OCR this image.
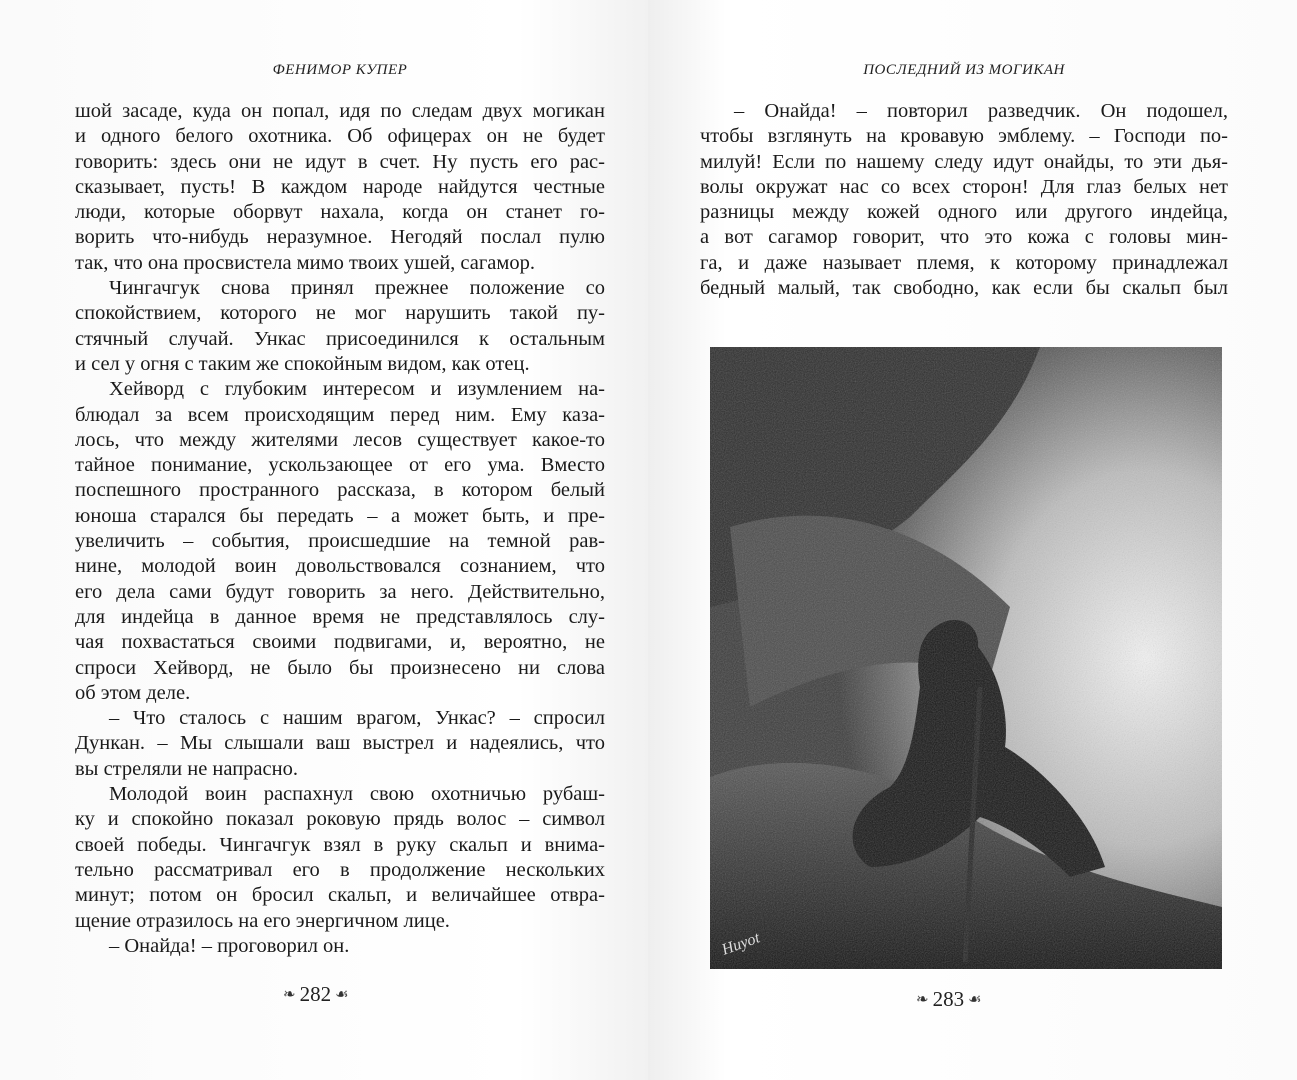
ФЕНИМОР КУПЕР
шой засаде, куда он попал, идя по следам двух могикан
и одного белого охотника. Об офицерах он не будет
говорить: здесь они не идут в счет. Ну пусть его рас-
сказывает, пусть! В каждом народе найдутся честные
люди, которые оборвут нахала, когда он станет го-
ворить что-нибудь неразумное. Негодяй послал пулю
так, что она просвистела мимо твоих ушей, сагамор.
Чингачгук снова принял прежнее положение со
спокойствием, которого не мог нарушить такой пу-
стячный случай. Ункас присоединился к остальным
и сел у огня с таким же спокойным видом, как отец.
Хейворд с глубоким интересом и изумлением на-
блюдал за всем происходящим перед ним. Ему каза-
лось, что между жителями лесов существует какое-то
тайное понимание, ускользающее от его ума. Вместо
поспешного пространного рассказа, в котором белый
юноша старался бы передать – а может быть, и пре-
увеличить – события, происшедшие на темной рав-
нине, молодой воин довольствовался сознанием, что
его дела сами будут говорить за него. Действительно,
для индейца в данное время не представлялось слу-
чая похвастаться своими подвигами, и, вероятно, не
спроси Хейворд, не было бы произнесено ни слова
об этом деле.
– Что сталось с нашим врагом, Ункас? – спросил
Дункан. – Мы слышали ваш выстрел и надеялись, что
вы стреляли не напрасно.
Молодой воин распахнул свою охотничью рубаш-
ку и спокойно показал роковую прядь волос – символ
своей победы. Чингачгук взял в руку скальп и внима-
тельно рассматривал его в продолжение нескольких
минут; потом он бросил скальп, и величайшее отвра-
щение отразилось на его энергичном лице.
– Онайда! – проговорил он.
❧ 282 ☙
ПОСЛЕДНИЙ ИЗ МОГИКАН
– Онайда! – повторил разведчик. Он подошел,
чтобы взглянуть на кровавую эмблему. – Господи по-
милуй! Если по нашему следу идут онайды, то эти дья-
волы окружат нас со всех сторон! Для глаз белых нет
разницы между кожей одного или другого индейца,
а вот сагамор говорит, что это кожа с головы мин-
га, и даже называет племя, к которому принадлежал
бедный малый, так свободно, как если бы скальп был
Huyot
❧ 283 ☙
